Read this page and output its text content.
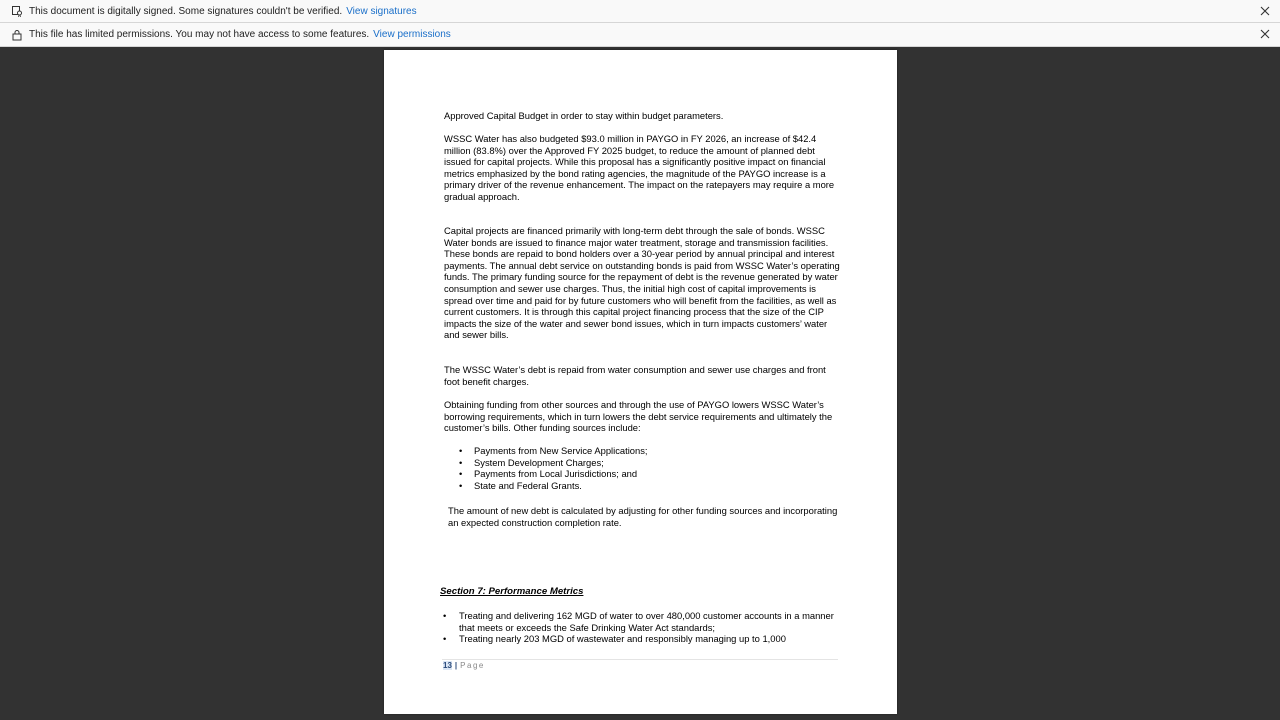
This document is digitally signed. Some signatures couldn't be verified. View signatures
This file has limited permissions. You may not have access to some features. View permissions

Approved Capital Budget in order to stay within budget parameters.

WSSC Water has also budgeted $93.0 million in PAYGO in FY 2026, an increase of $42.4 million (83.8%) over the Approved FY 2025 budget, to reduce the amount of planned debt issued for capital projects. While this proposal has a significantly positive impact on financial metrics emphasized by the bond rating agencies, the magnitude of the PAYGO increase is a primary driver of the revenue enhancement. The impact on the ratepayers may require a more gradual approach.

Capital projects are financed primarily with long-term debt through the sale of bonds. WSSC Water bonds are issued to finance major water treatment, storage and transmission facilities. These bonds are repaid to bond holders over a 30-year period by annual principal and interest payments. The annual debt service on outstanding bonds is paid from WSSC Water’s operating funds. The primary funding source for the repayment of debt is the revenue generated by water consumption and sewer use charges. Thus, the initial high cost of capital improvements is spread over time and paid for by future customers who will benefit from the facilities, as well as current customers. It is through this capital project financing process that the size of the CIP impacts the size of the water and sewer bond issues, which in turn impacts customers’ water and sewer bills.

The WSSC Water’s debt is repaid from water consumption and sewer use charges and front foot benefit charges.

Obtaining funding from other sources and through the use of PAYGO lowers WSSC Water’s borrowing requirements, which in turn lowers the debt service requirements and ultimately the customer’s bills. Other funding sources include:

• Payments from New Service Applications;
• System Development Charges;
• Payments from Local Jurisdictions; and
• State and Federal Grants.

The amount of new debt is calculated by adjusting for other funding sources and incorporating an expected construction completion rate.

Section 7: Performance Metrics
• Treating and delivering 162 MGD of water to over 480,000 customer accounts in a manner that meets or exceeds the Safe Drinking Water Act standards;
• Treating nearly 203 MGD of wastewater and responsibly managing up to 1,000
13 | Page
